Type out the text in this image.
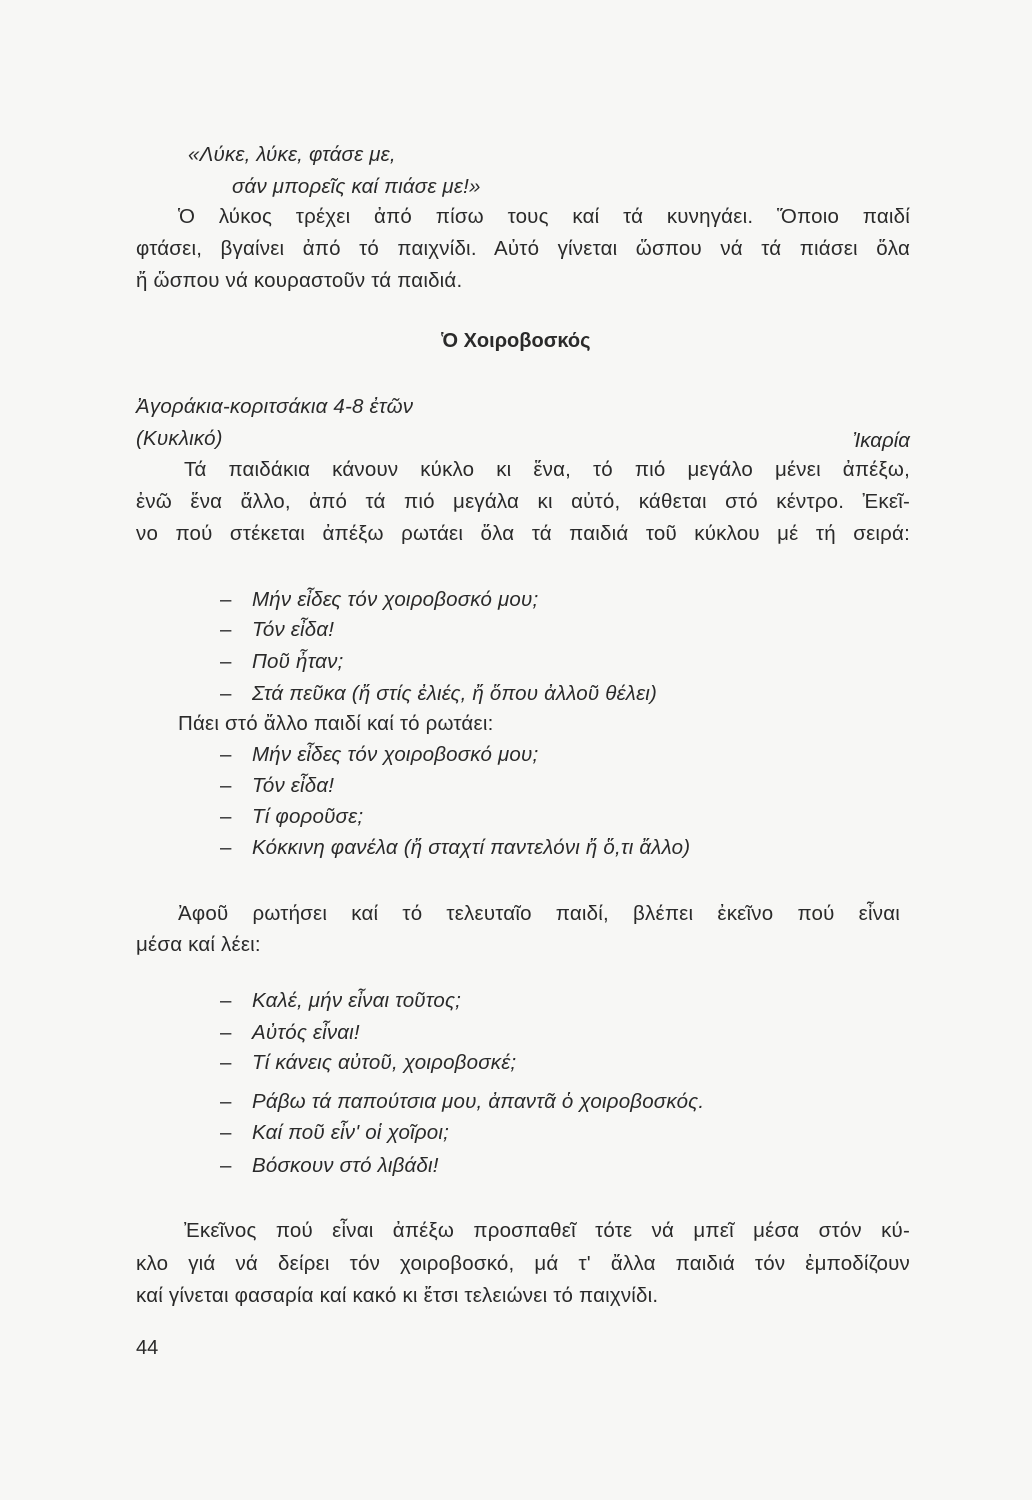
«Λύκε, λύκε, φτάσε με,
σάν μπορεῖς καί πιάσε με!»
Ὁ λύκος τρέχει ἀπό πίσω τους καί τά κυνηγάει. Ὅποιο παιδί
φτάσει, βγαίνει ἀπό τό παιχνίδι. Αὐτό γίνεται ὥσπου νά τά πιάσει ὅλα
ἤ ὥσπου νά κουραστοῦν τά παιδιά.
Ὁ Χοιροβοσκός
Ἀγοράκια-κοριτσάκια 4-8 ἐτῶν
(Κυκλικό)	Ἰκαρία
Τά παιδάκια κάνουν κύκλο κι ἕνα, τό πιό μεγάλο μένει ἀπέξω,
ἐνῶ ἕνα ἄλλο, ἀπό τά πιό μεγάλα κι αὐτό, κάθεται στό κέντρο. Ἐκεῖ-
νο πού στέκεται ἀπέξω ρωτάει ὅλα τά παιδιά τοῦ κύκλου μέ τή σειρά:
– Μήν εἶδες τόν χοιροβοσκό μου;
– Τόν εἶδα!
– Ποῦ ἦταν;
– Στά πεῦκα (ἤ στίς ἐλιές, ἤ ὅπου ἀλλοῦ θέλει)
Πάει στό ἄλλο παιδί καί τό ρωτάει:
– Μήν εἶδες τόν χοιροβοσκό μου;
– Τόν εἶδα!
– Τί φοροῦσε;
– Κόκκινη φανέλα (ἤ σταχτί παντελόνι ἤ ὅ,τι ἄλλο)
Ἀφοῦ ρωτήσει καί τό τελευταῖο παιδί, βλέπει ἐκεῖνο πού εἶναι
μέσα καί λέει:
– Καλέ, μήν εἶναι τοῦτος;
– Αὐτός εἶναι!
– Τί κάνεις αὐτοῦ, χοιροβοσκέ;
– Ράβω τά παπούτσια μου, ἀπαντᾶ ὁ χοιροβοσκός.
– Καί ποῦ εἶν' οἱ χοῖροι;
– Βόσκουν στό λιβάδι!
Ἐκεῖνος πού εἶναι ἀπέξω προσπαθεῖ τότε νά μπεῖ μέσα στόν κύ-
κλο γιά νά δείρει τόν χοιροβοσκό, μά τ' ἄλλα παιδιά τόν ἐμποδίζουν
καί γίνεται φασαρία καί κακό κι ἔτσι τελειώνει τό παιχνίδι.
44
